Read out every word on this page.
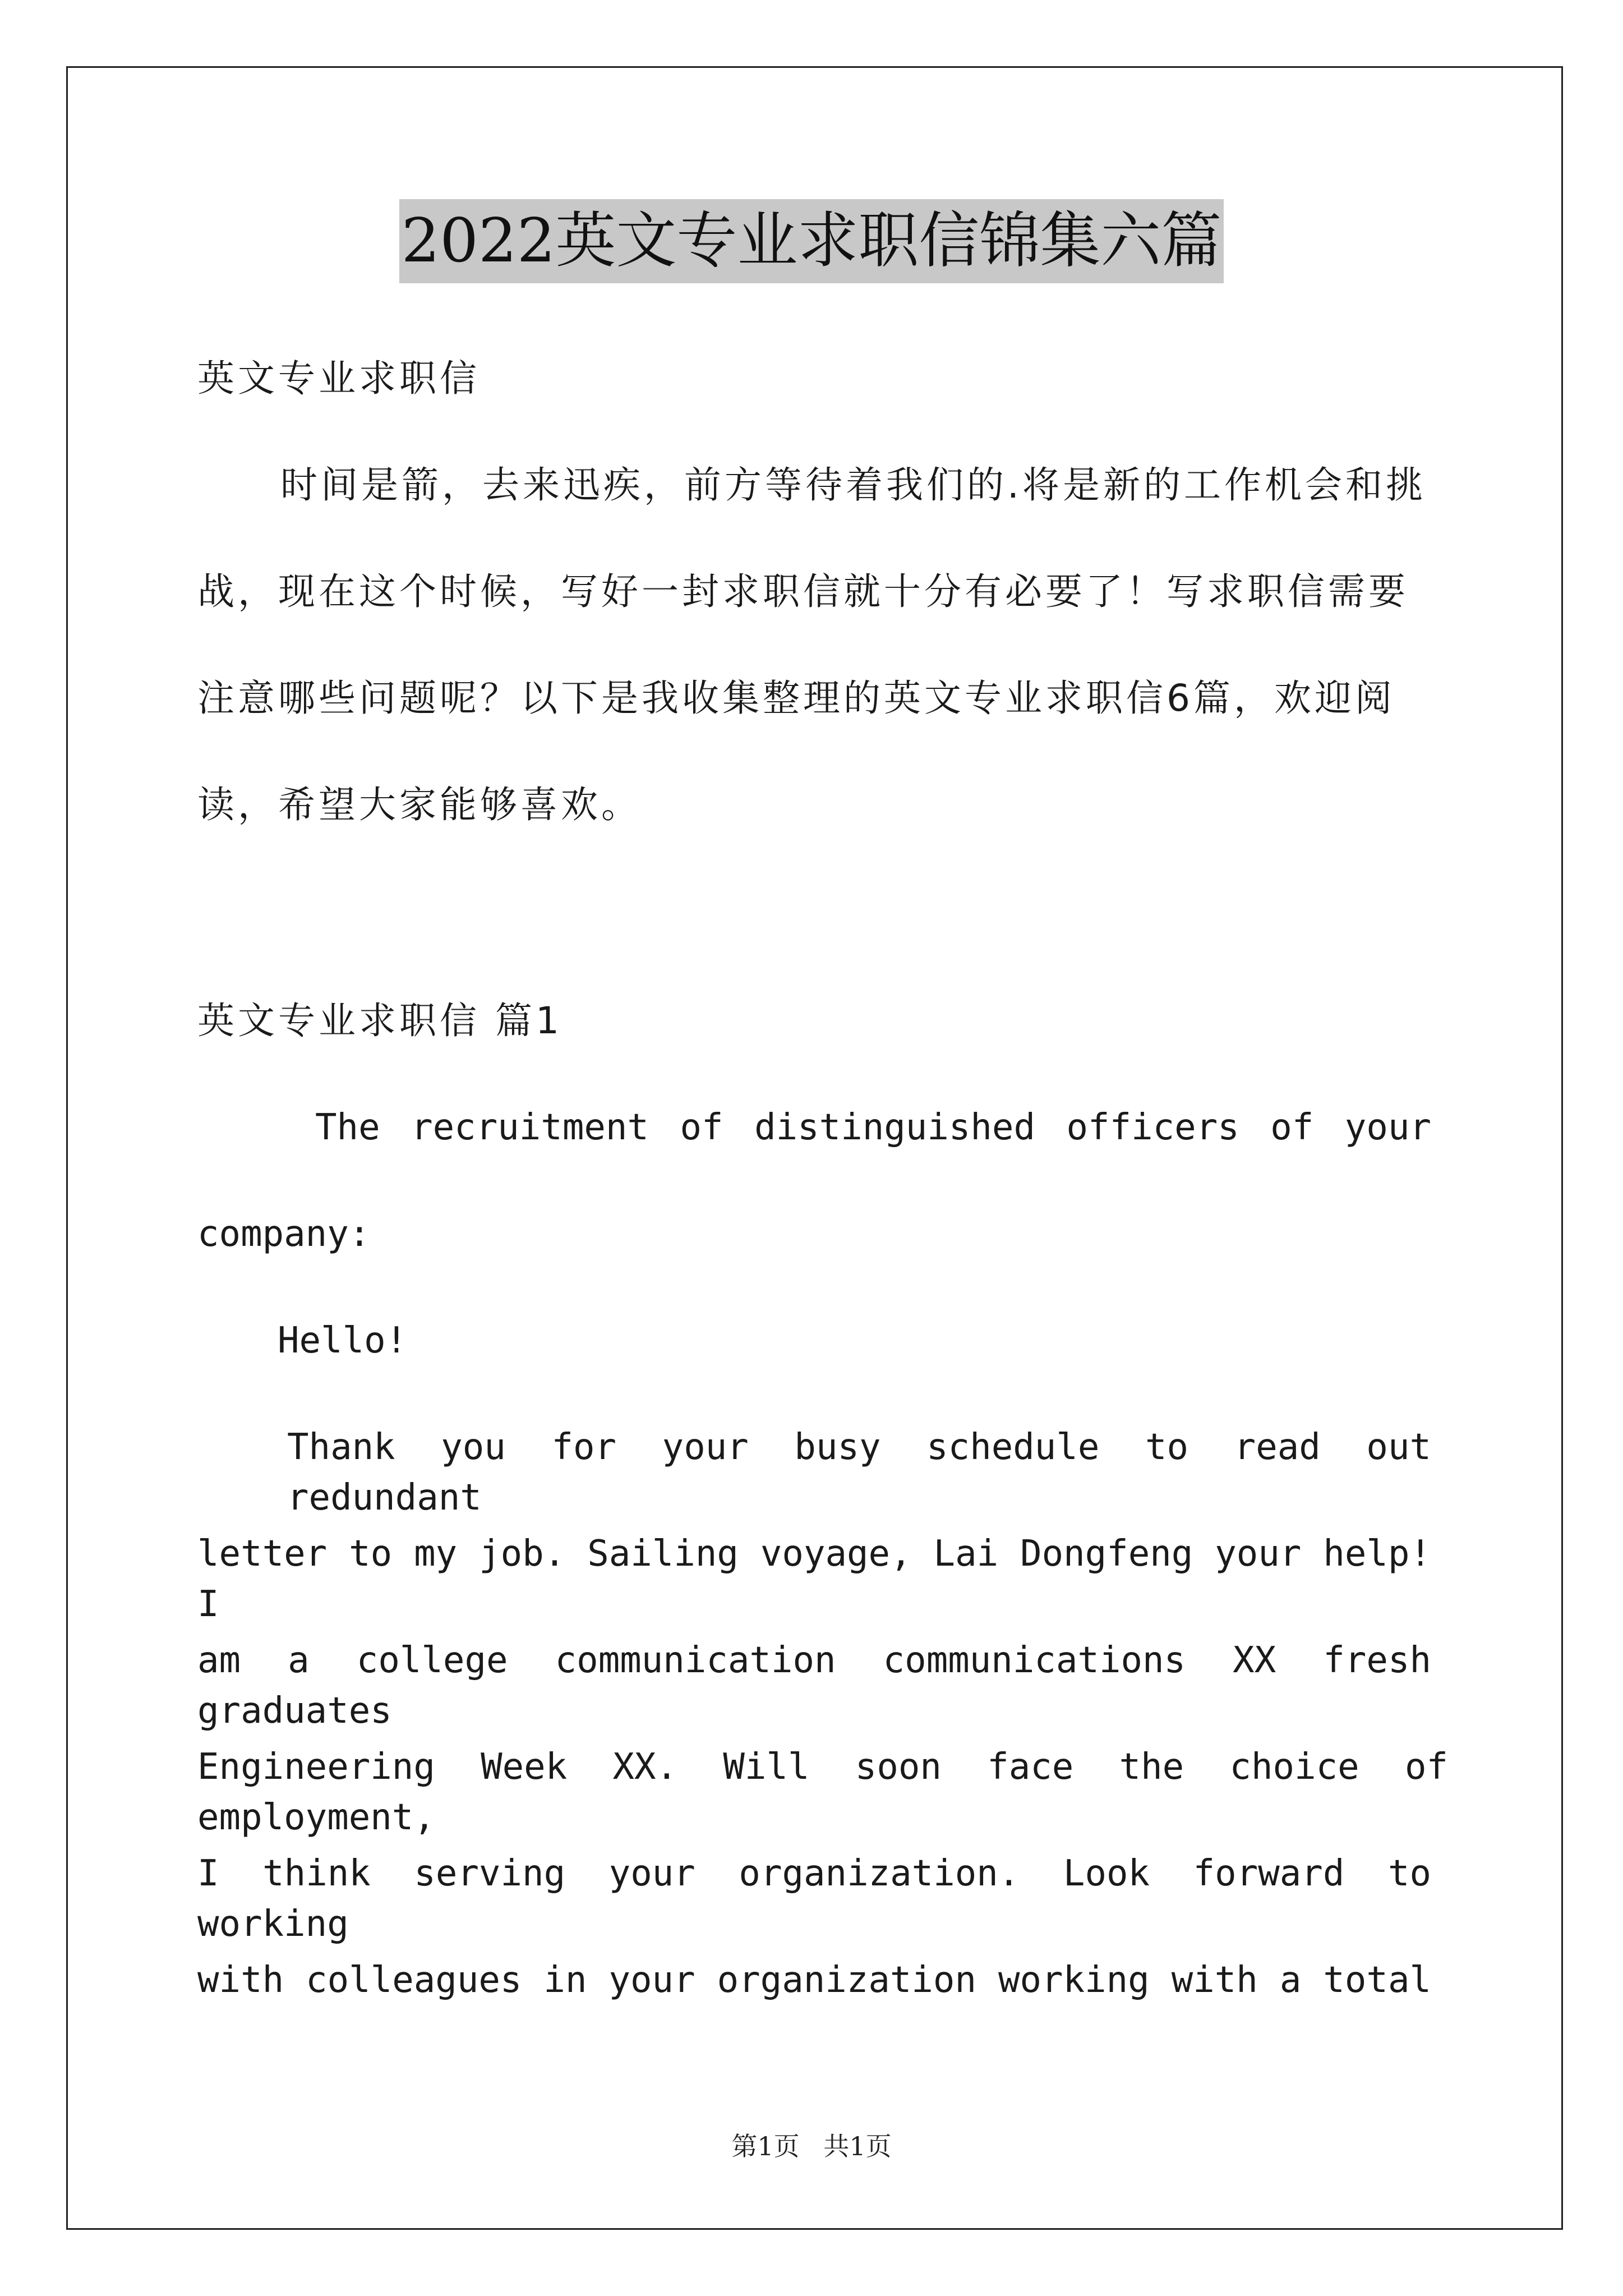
2022英文专业求职信锦集六篇
英文专业求职信
时间是箭，去来迅疾，前方等待着我们的.将是新的工作机会和挑
战，现在这个时候，写好一封求职信就十分有必要了！写求职信需要
注意哪些问题呢？以下是我收集整理的英文专业求职信6篇，欢迎阅
读，希望大家能够喜欢。
英文专业求职信 篇1
The recruitment of distinguished officers of your
company:
Hello!
Thank you for your busy schedule to read out redundant
letter to my job. Sailing voyage, Lai Dongfeng your help! I
am a college communication communications XX fresh graduates
Engineering Week XX. Will soon face the choice of employment,
I think serving your organization. Look forward to working
with colleagues in your organization working with a total
第1页 共1页
